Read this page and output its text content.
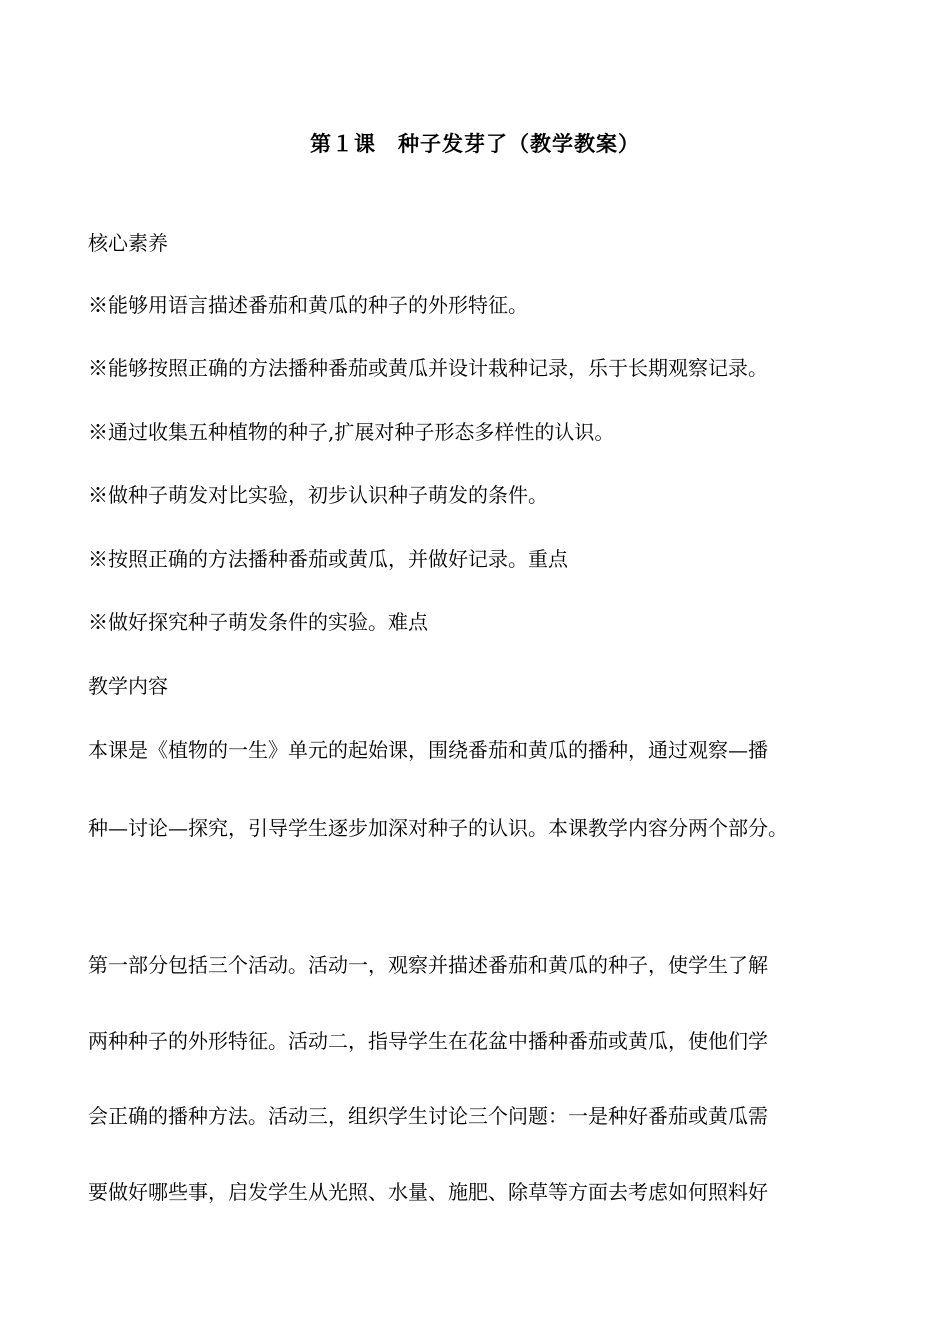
第１课　种子发芽了（教学教案）
核心素养
※能够用语言描述番茄和黄瓜的种子的外形特征。
※能够按照正确的方法播种番茄或黄瓜并设计栽种记录，乐于长期观察记录。
※通过收集五种植物的种子,扩展对种子形态多样性的认识。
※做种子萌发对比实验，初步认识种子萌发的条件。
※按照正确的方法播种番茄或黄瓜，并做好记录。重点
※做好探究种子萌发条件的实验。难点
教学内容
本课是《植物的一生》单元的起始课，围绕番茄和黄瓜的播种，通过观察—播
种—讨论—探究，引导学生逐步加深对种子的认识。本课教学内容分两个部分。
第一部分包括三个活动。活动一，观察并描述番茄和黄瓜的种子，使学生了解
两种种子的外形特征。活动二，指导学生在花盆中播种番茄或黄瓜，使他们学
会正确的播种方法。活动三，组织学生讨论三个问题：一是种好番茄或黄瓜需
要做好哪些事，启发学生从光照、水量、施肥、除草等方面去考虑如何照料好
